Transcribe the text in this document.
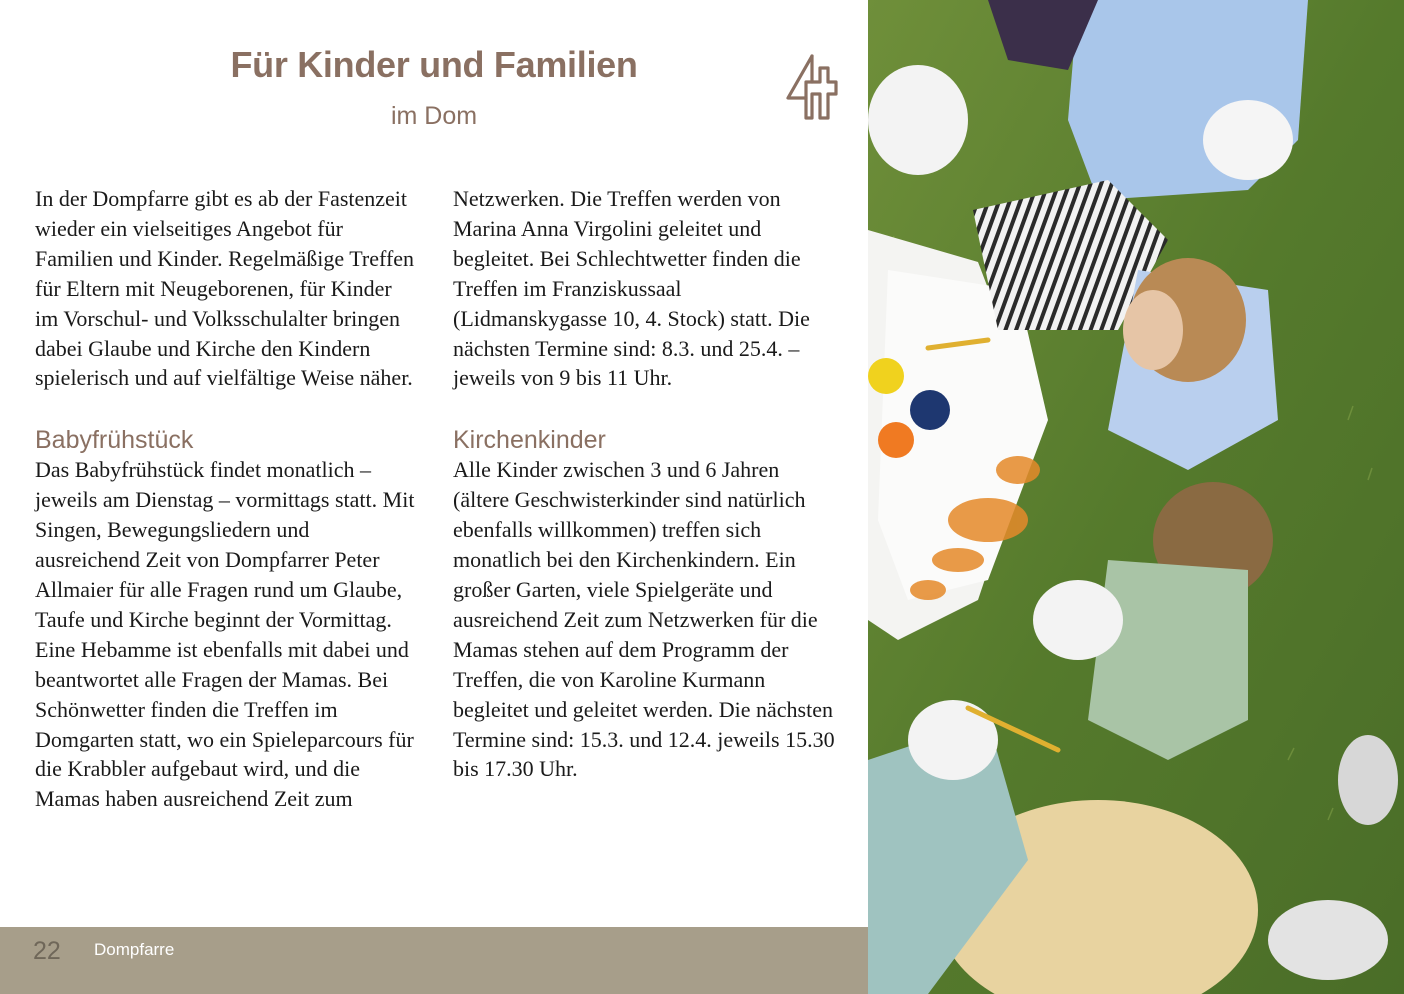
Für Kinder und Familien
im Dom

In der Dompfarre gibt es ab der Fastenzeit wieder ein vielseitiges Angebot für Familien und Kinder. Regelmäßige Treffen für Eltern mit Neugeborenen, für Kinder im Vorschul- und Volksschulalter bringen dabei Glaube und Kirche den Kindern spielerisch und auf vielfältige Weise näher.

Babyfrühstück

Das Babyfrühstück findet monatlich – jeweils am Dienstag – vormittags statt. Mit Singen, Bewegungsliedern und ausreichend Zeit von Dompfarrer Peter Allmaier für alle Fragen rund um Glaube, Taufe und Kirche beginnt der Vormittag. Eine Hebamme ist ebenfalls mit dabei und beantwortet alle Fragen der Mamas. Bei Schönwetter finden die Treffen im Domgarten statt, wo ein Spieleparcours für die Krabbler aufgebaut wird, und die Mamas haben ausreichend Zeit zum

Netzwerken. Die Treffen werden von Marina Anna Virgolini geleitet und begleitet. Bei Schlechtwetter finden die Treffen im Franziskussaal (Lidmanskygasse 10, 4. Stock) statt. Die nächsten Termine sind: 8.3. und 25.4. – jeweils von 9 bis 11 Uhr.

Kirchenkinder

Alle Kinder zwischen 3 und 6 Jahren (ältere Geschwisterkinder sind natürlich ebenfalls willkommen) treffen sich monatlich bei den Kirchenkindern. Ein großer Garten, viele Spielgeräte und ausreichend Zeit zum Netzwerken für die Mamas stehen auf dem Programm der Treffen, die von Karoline Kurmann begleitet und geleitet werden. Die nächsten Termine sind: 15.3. und 12.4. jeweils 15.30 bis 17.30 Uhr.

22 Dompfarre
